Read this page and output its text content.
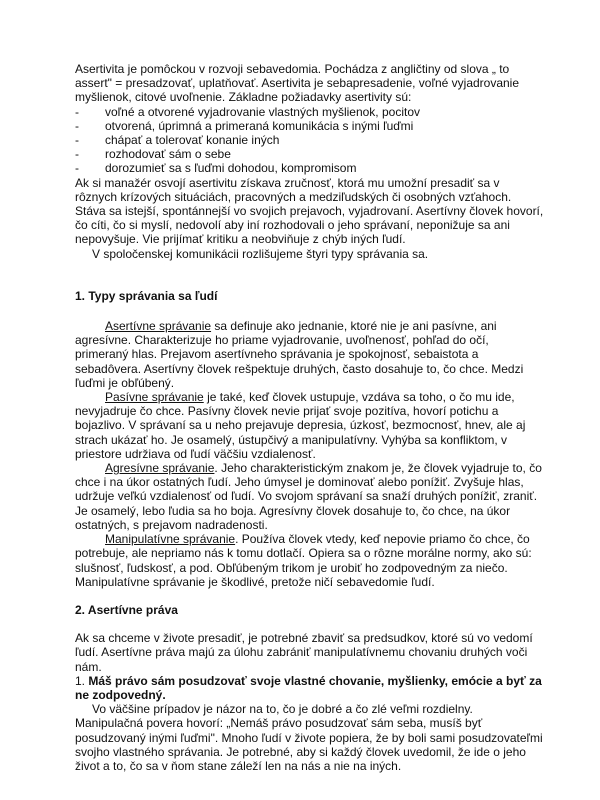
Asertivita je pomôckou v rozvoji sebavedomia. Pochádza z angličtiny od slova „ to assert" = presadzovať, uplatňovať. Asertivita je sebapresadenie, voľné vyjadrovanie myšlienok, citové uvoľnenie. Základne požiadavky asertivity sú:

- voľné a otvorené vyjadrovanie vlastných myšlienok, pocitov
- otvorená, úprimná a primeraná komunikácia s inými ľuďmi
- chápať a tolerovať konanie iných
- rozhodovať sám o sebe
- dorozumieť sa s ľuďmi dohodou, kompromisom

Ak si manažér osvojí asertivitu získava zručnosť, ktorá mu umožní presadiť sa v rôznych krízových situáciách, pracovných a medziľudských či osobných vzťahoch. Stáva sa istejší, spontánnejší vo svojich prejavoch, vyjadrovaní. Asertívny človek hovorí, čo cíti, čo si myslí, nedovolí aby iní rozhodovali o jeho správaní, neponižuje sa ani nepovyšuje. Vie prijímať kritiku a neobviňuje z chýb iných ľudí.

V spoločenskej komunikácii rozlišujeme štyri typy správania sa.

1. Typy správania sa ľudí

Asertívne správanie sa definuje ako jednanie, ktoré nie je ani pasívne, ani agresívne. Charakterizuje ho priame vyjadrovanie, uvoľnenosť, pohľad do očí, primeraný hlas. Prejavom asertívneho správania je spokojnosť, sebaistota a sebadôvera. Asertívny človek rešpektuje druhých, často dosahuje to, čo chce. Medzi ľuďmi je obľúbený.

Pasívne správanie je také, keď človek ustupuje, vzdáva sa toho, o čo mu ide, nevyjadruje čo chce. Pasívny človek nevie prijať svoje pozitíva, hovorí potichu a bojazlivo. V správaní sa u neho prejavuje depresia, úzkosť, bezmocnosť, hnev, ale aj strach ukázať ho. Je osamelý, ústupčivý a manipulatívny. Vyhýba sa konfliktom, v priestore udržiava od ľudí väčšiu vzdialenosť.

Agresívne správanie. Jeho charakteristickým znakom je, že človek vyjadruje to, čo chce i na úkor ostatných ľudí. Jeho úmysel je dominovať alebo ponížiť. Zvyšuje hlas, udržuje veľkú vzdialenosť od ľudí. Vo svojom správaní sa snaží druhých ponížiť, zraniť. Je osamelý, lebo ľudia sa ho boja. Agresívny človek dosahuje to, čo chce, na úkor ostatných, s prejavom nadradenosti.

Manipulatívne správanie. Používa človek vtedy, keď nepovie priamo čo chce, čo potrebuje, ale nepriamo nás k tomu dotlačí. Opiera sa o rôzne morálne normy, ako sú: slušnosť, ľudskosť, a pod. Obľúbeným trikom je urobiť ho zodpovedným za niečo. Manipulatívne správanie je škodlivé, pretože ničí sebavedomie ľudí.

2. Asertívne práva

Ak sa chceme v živote presadiť, je potrebné zbaviť sa predsudkov, ktoré sú vo vedomí ľudí. Asertívne práva majú za úlohu zabrániť manipulatívnemu chovaniu druhých voči nám.

1. Máš právo sám posudzovať svoje vlastné chovanie, myšlienky, emócie a byť za ne zodpovedný.

Vo väčšine prípadov je názor na to, čo je dobré a čo zlé veľmi rozdielny. Manipulačná povera hovorí: „Nemáš právo posudzovať sám seba, musíš byť posudzovaný inými ľuďmi". Mnoho ľudí v živote popiera, že by boli sami posudzovateľmi svojho vlastného správania. Je potrebné, aby si každý človek uvedomil, že ide o jeho život a to, čo sa v ňom stane záleží len na nás a nie na iných.
